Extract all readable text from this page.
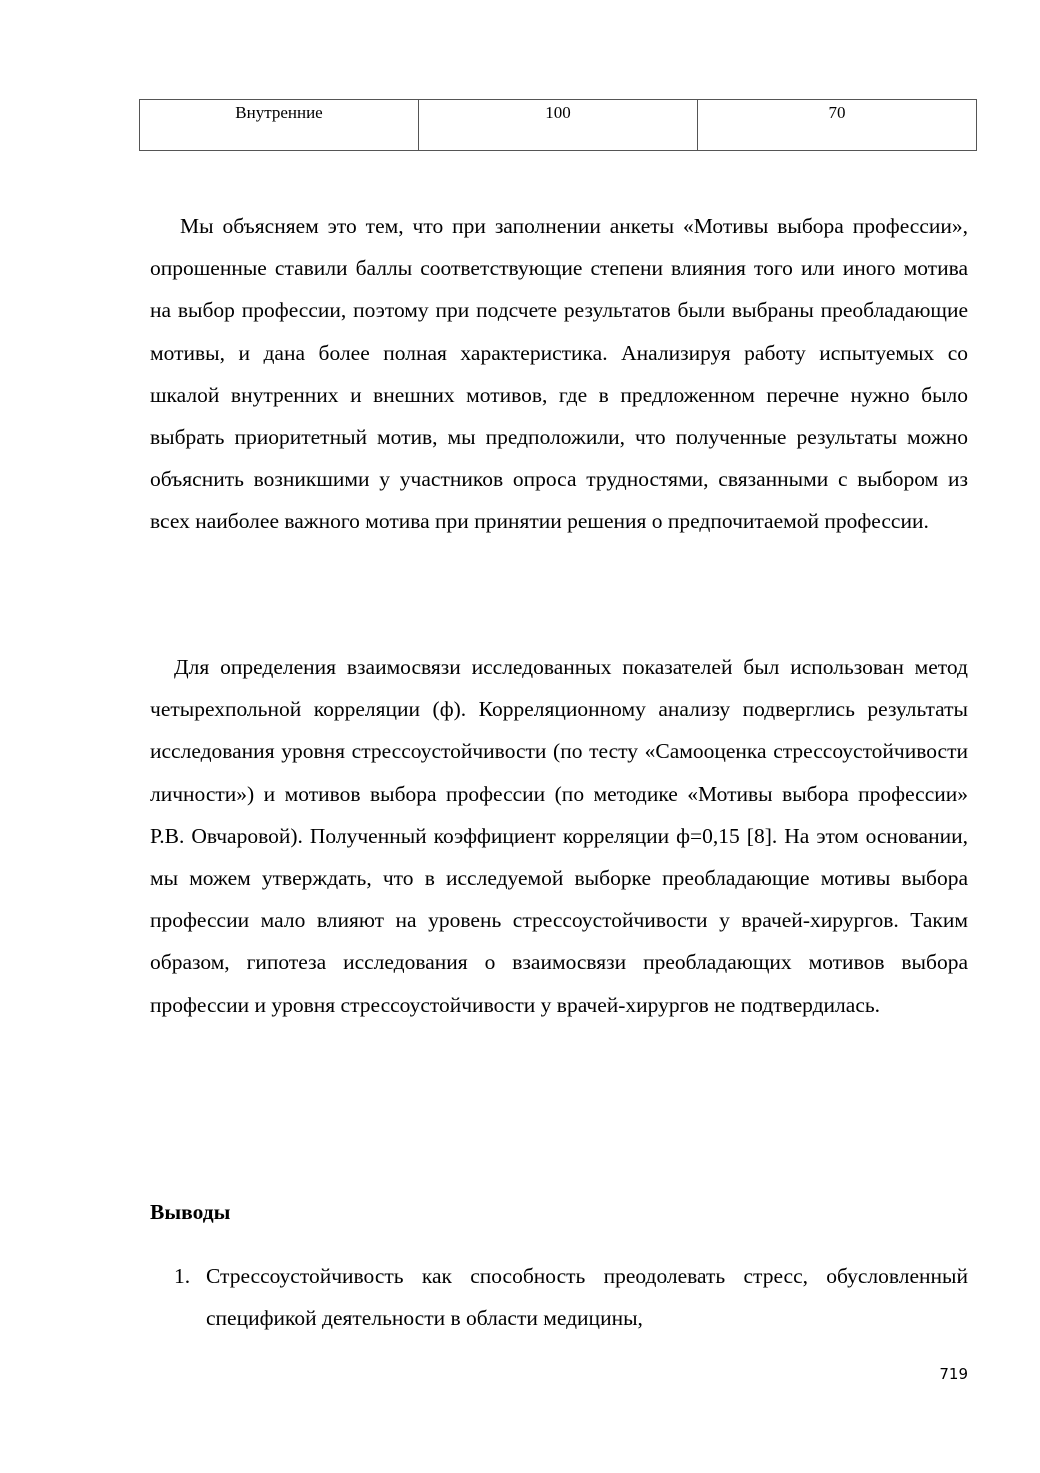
Внутренние	100	70

Мы объясняем это тем, что при заполнении анкеты «Мотивы выбора профессии», опрошенные ставили баллы соответствующие степени влияния того или иного мотива на выбор профессии, поэтому при подсчете результатов были выбраны преобладающие мотивы, и дана более полная характеристика. Анализируя работу испытуемых со шкалой внутренних и внешних мотивов, где в предложенном перечне нужно было выбрать приоритетный мотив, мы предположили, что полученные результаты можно объяснить возникшими у участников опроса трудностями, связанными с выбором из всех наиболее важного мотива при принятии решения о предпочитаемой профессии.

Для определения взаимосвязи исследованных показателей был использован метод четырехпольной корреляции (ф). Корреляционному анализу подверглись результаты исследования уровня стрессоустойчивости (по тесту «Самооценка стрессоустойчивости личности») и мотивов выбора профессии (по методике «Мотивы выбора профессии» Р.В. Овчаровой). Полученный коэффициент корреляции ф=0,15 [8]. На этом основании, мы можем утверждать, что в исследуемой выборке преобладающие мотивы выбора профессии мало влияют на уровень стрессоустойчивости у врачей-хирургов. Таким образом, гипотеза исследования о взаимосвязи преобладающих мотивов выбора профессии и уровня стрессоустойчивости у врачей-хирургов не подтвердилась.

Выводы
1. Стрессоустойчивость как способность преодолевать стресс, обусловленный спецификой деятельности в области медицины,
719
